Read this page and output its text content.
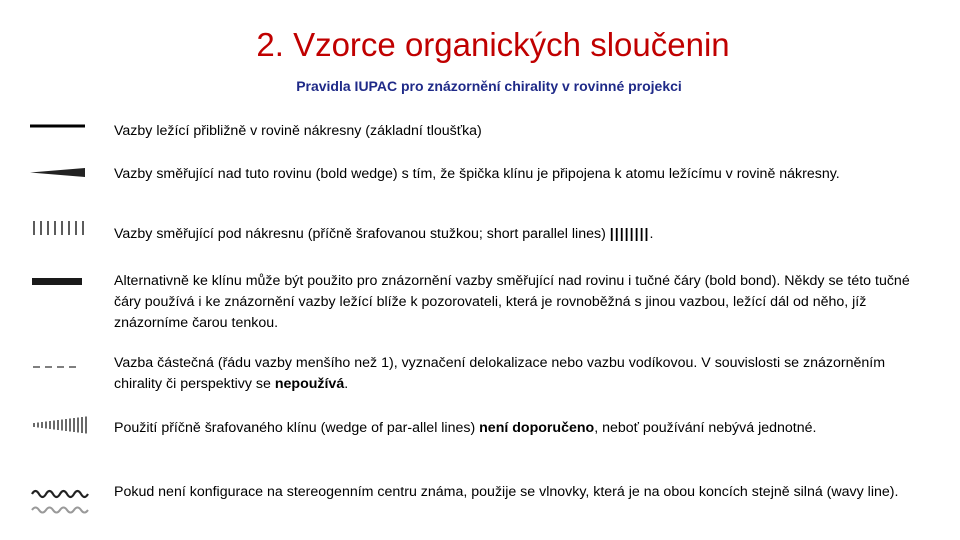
2. Vzorce organických sloučenin
Pravidla IUPAC pro znázornění chirality v rovinné projekci
Vazby ležící přibližně v rovině nákresny (základní tloušťka)
Vazby směřující nad tuto rovinu (bold wedge) s tím, že špička klínu je připojena k atomu ležícímu v rovině nákresny.
Vazby směřující pod nákresnu (příčně šrafovanou stužkou; short parallel lines) ||||||||.
Alternativně ke klínu může být použito pro znázornění vazby směřující nad rovinu i tučné čáry (bold bond). Někdy se této tučné čáry používá i ke znázornění vazby ležící blíže k pozorovateli, která je rovnoběžná s jinou vazbou, ležící dál od něho, jíž znázorníme čarou tenkou.
Vazba částečná (řádu vazby menšího než 1), vyznačení delokalizace nebo vazbu vodíkovou. V souvislosti se znázorněním chirality či perspektivy se nepoužívá.
Použití příčně šrafovaného klínu (wedge of par-allel lines) není doporučeno, neboť používání nebývá jednotné.
Pokud není konfigurace na stereogenním centru známa, použije se vlnovky, která je na obou koncích stejně silná (wavy line).
